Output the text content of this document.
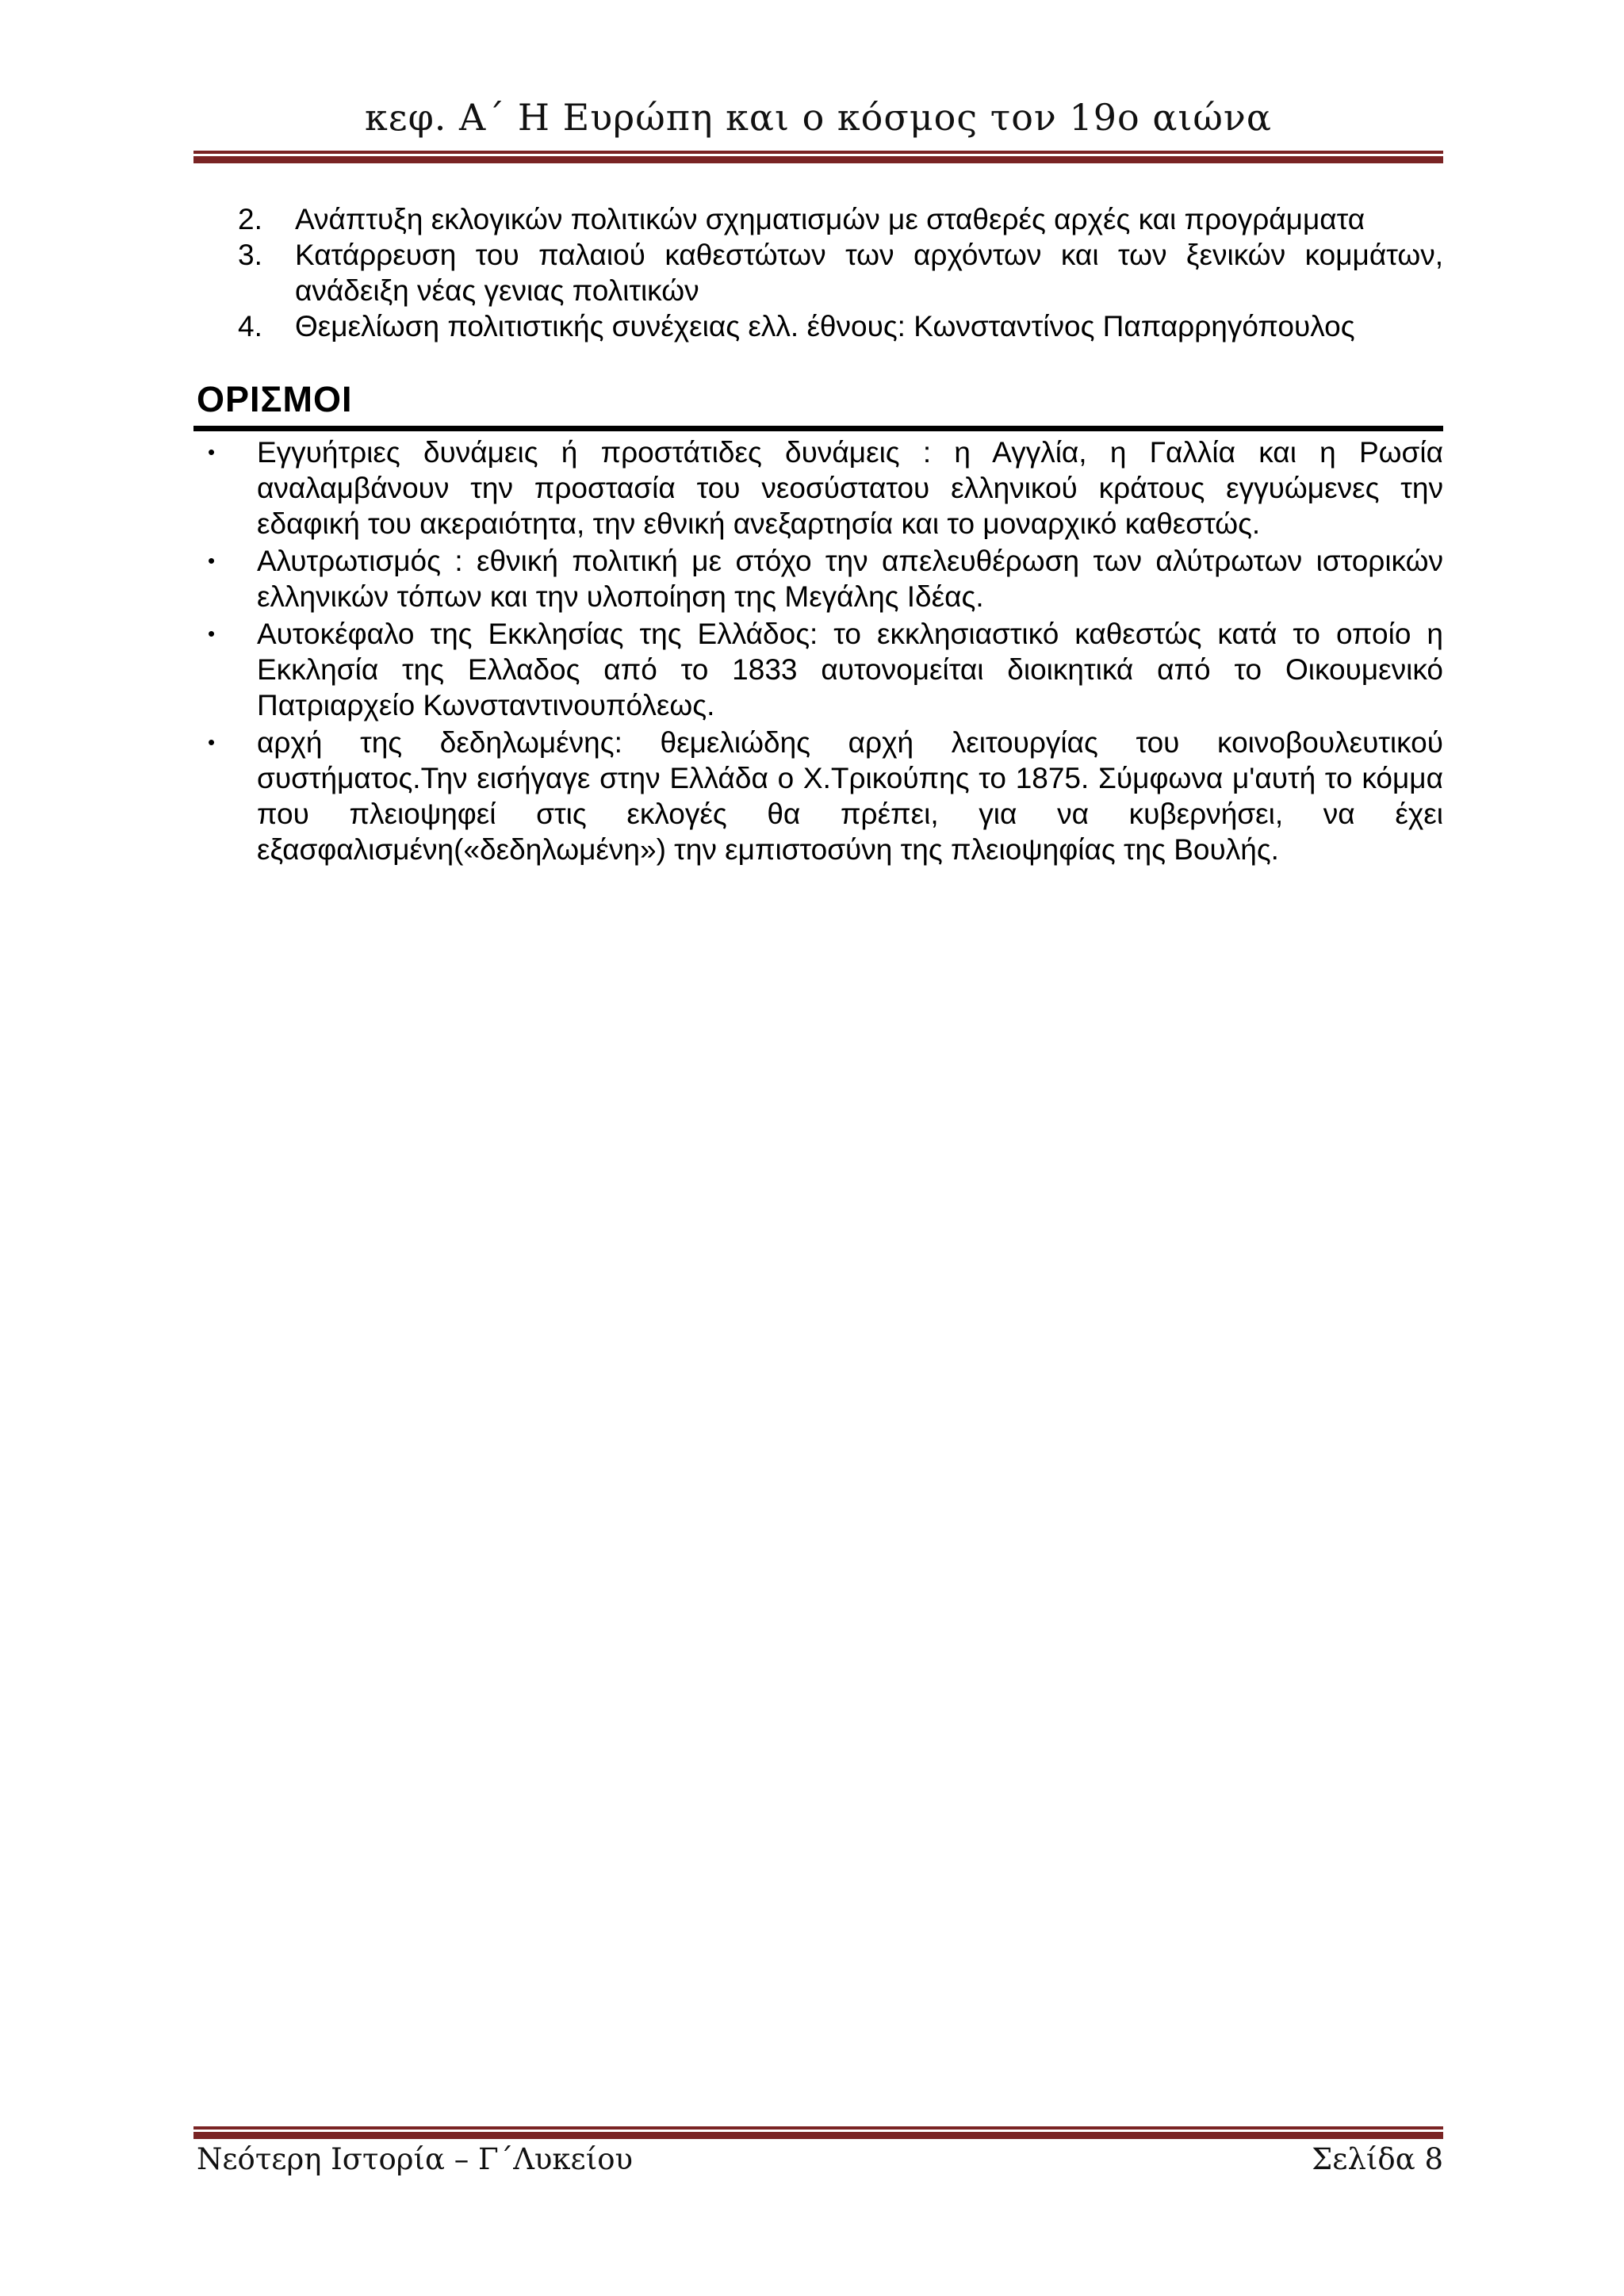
κεφ. Α΄ Η Ευρώπη και ο κόσμος τον 19ο αιώνα
2.	Ανάπτυξη εκλογικών πολιτικών σχηματισμών με σταθερές αρχές και προγράμματα
3.	Κατάρρευση του παλαιού καθεστώτων των αρχόντων και των ξενικών κομμάτων, ανάδειξη νέας γενιας πολιτικών
4.	Θεμελίωση πολιτιστικής συνέχειας ελλ. έθνους: Κωνσταντίνος Παπαρρηγόπουλος
ΟΡΙΣΜΟΙ
•	Εγγυήτριες δυνάμεις ή προστάτιδες δυνάμεις : η Αγγλία, η Γαλλία και η Ρωσία αναλαμβάνουν την προστασία του νεοσύστατου ελληνικού κράτους εγγυώμενες την εδαφική του ακεραιότητα, την εθνική ανεξαρτησία και το μοναρχικό καθεστώς.
•	Αλυτρωτισμός : εθνική πολιτική με στόχο την απελευθέρωση των αλύτρωτων ιστορικών ελληνικών τόπων και την υλοποίηση της Μεγάλης Ιδέας.
•	Αυτοκέφαλο της Εκκλησίας της Ελλάδος: το εκκλησιαστικό καθεστώς κατά το οποίο η Εκκλησία της Ελλαδος από το 1833 αυτονομείται διοικητικά από το Οικουμενικό Πατριαρχείο Κωνσταντινουπόλεως.
•	αρχή της δεδηλωμένης: θεμελιώδης αρχή λειτουργίας του κοινοβουλευτικού συστήματος.Την εισήγαγε στην Ελλάδα ο Χ.Τρικούπης το 1875. Σύμφωνα μ'αυτή το κόμμα που πλειοψηφεί στις εκλογές θα πρέπει, για να κυβερνήσει, να έχει εξασφαλισμένη(«δεδηλωμένη») την εμπιστοσύνη της πλειοψηφίας της Βουλής.
Νεότερη Ιστορία – Γ΄Λυκείου	Σελίδα 8
